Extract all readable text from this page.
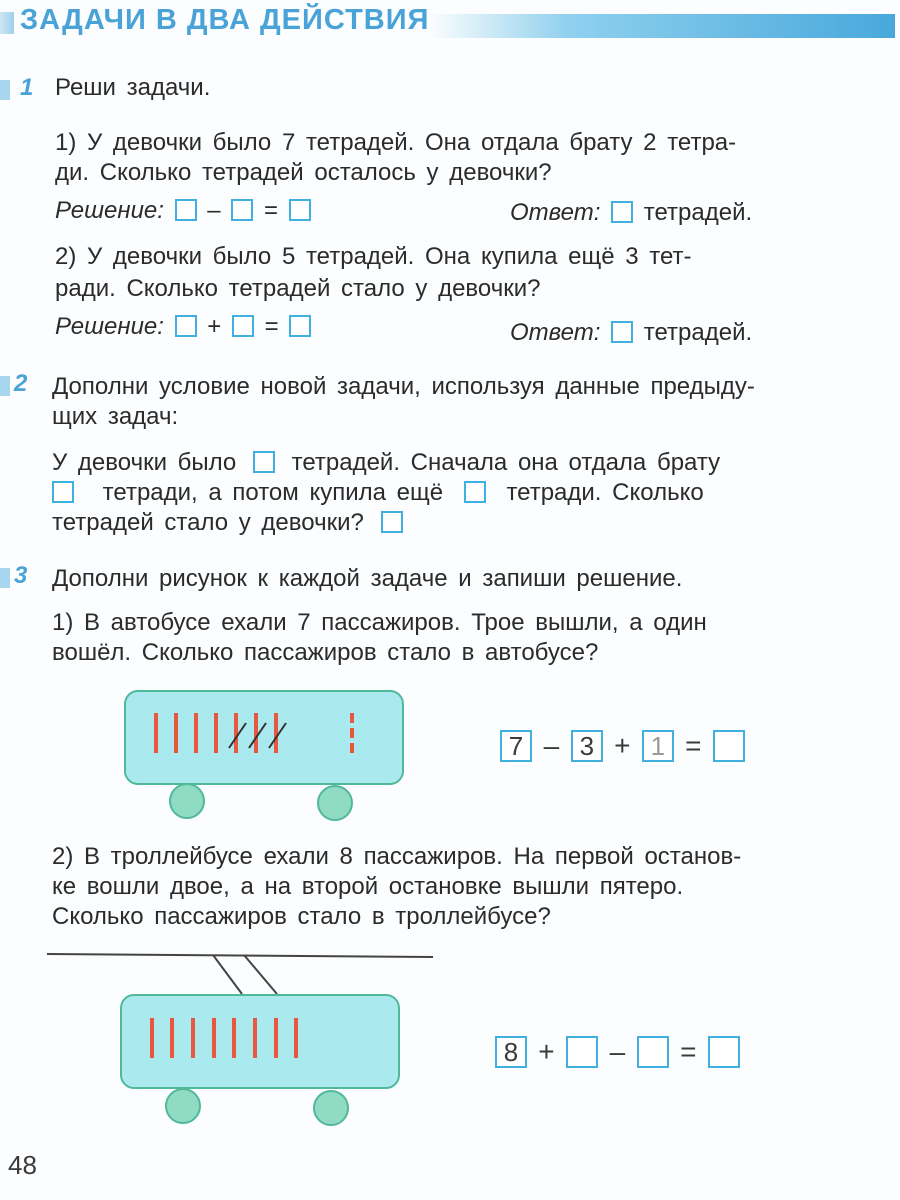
ЗАДАЧИ В ДВА ДЕЙСТВИЯ
1 Реши задачи.
1) У девочки было 7 тетрадей. Она отдала брату 2 тетра-
ди. Сколько тетрадей осталось у девочки?
Решение: – =	Ответ: тетрадей.
2) У девочки было 5 тетрадей. Она купила ещё 3 тет-
ради. Сколько тетрадей стало у девочки?
Решение: + =	Ответ: тетрадей.
2 Дополни условие новой задачи, используя данные предыду-
щих задач:
У девочки было тетрадей. Сначала она отдала брату
тетради, а потом купила ещё	тетради. Сколько
тетрадей стало у девочки?
3 Дополни рисунок к каждой задаче и запиши решение.
1) В автобусе ехали 7 пассажиров. Трое вышли, а один
вошёл. Сколько пассажиров стало в автобусе?
7 – 3 + 1 =
2) В троллейбусе ехали 8 пассажиров. На первой останов-
ке вошли двое, а на второй остановке вышли пятеро.
Сколько пассажиров стало в троллейбусе?
8 + – =
48
